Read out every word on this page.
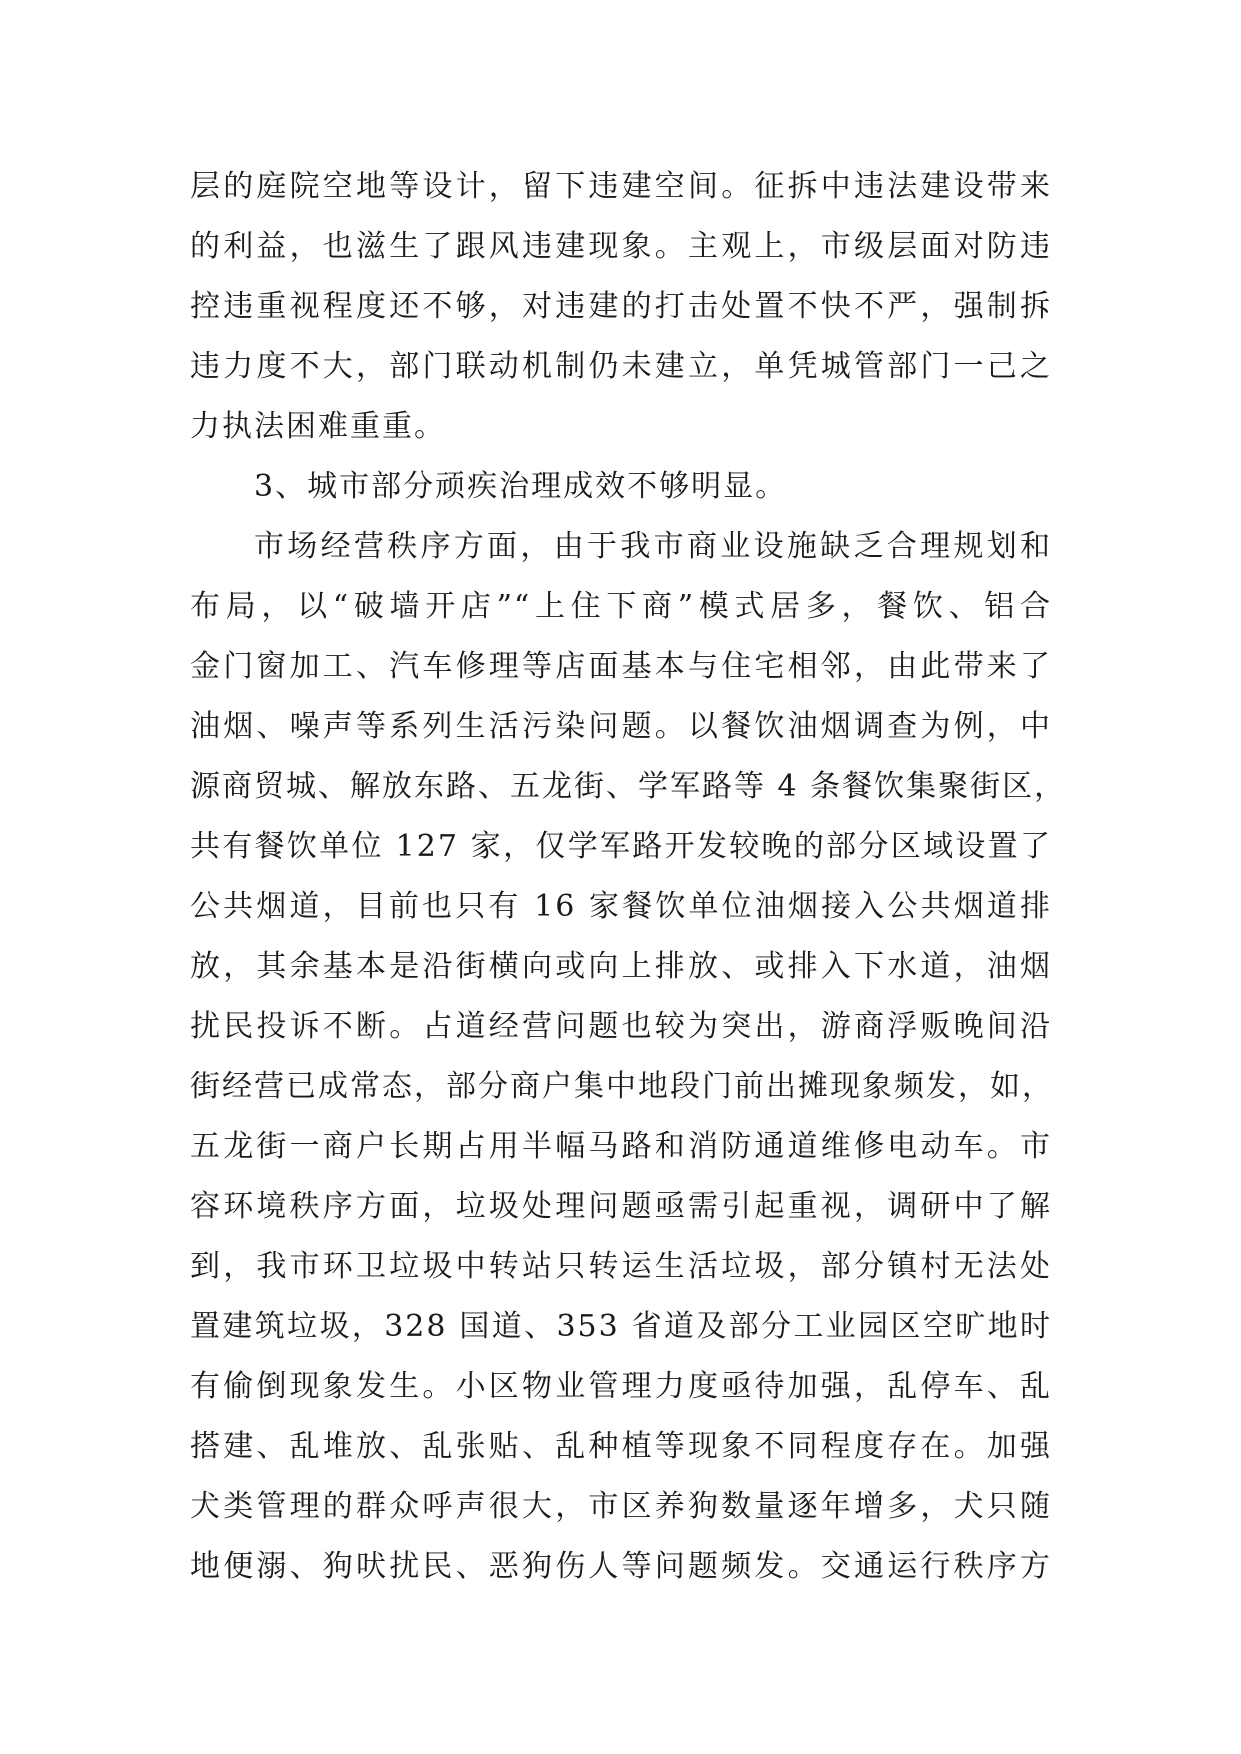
层的庭院空地等设计，留下违建空间。征拆中违法建设带来
的利益，也滋生了跟风违建现象。主观上，市级层面对防违
控违重视程度还不够，对违建的打击处置不快不严，强制拆
违力度不大，部门联动机制仍未建立，单凭城管部门一己之
力执法困难重重。
3、城市部分顽疾治理成效不够明显。
市场经营秩序方面，由于我市商业设施缺乏合理规划和
布局，以“破墙开店”“上住下商”模式居多，餐饮、铝合
金门窗加工、汽车修理等店面基本与住宅相邻，由此带来了
油烟、噪声等系列生活污染问题。以餐饮油烟调查为例，中
源商贸城、解放东路、五龙街、学军路等 4 条餐饮集聚街区，
共有餐饮单位 127 家，仅学军路开发较晚的部分区域设置了
公共烟道，目前也只有 16 家餐饮单位油烟接入公共烟道排
放，其余基本是沿街横向或向上排放、或排入下水道，油烟
扰民投诉不断。占道经营问题也较为突出，游商浮贩晚间沿
街经营已成常态，部分商户集中地段门前出摊现象频发，如，
五龙街一商户长期占用半幅马路和消防通道维修电动车。市
容环境秩序方面，垃圾处理问题亟需引起重视，调研中了解
到，我市环卫垃圾中转站只转运生活垃圾，部分镇村无法处
置建筑垃圾，328 国道、353 省道及部分工业园区空旷地时
有偷倒现象发生。小区物业管理力度亟待加强，乱停车、乱
搭建、乱堆放、乱张贴、乱种植等现象不同程度存在。加强
犬类管理的群众呼声很大，市区养狗数量逐年增多，犬只随
地便溺、狗吠扰民、恶狗伤人等问题频发。交通运行秩序方
